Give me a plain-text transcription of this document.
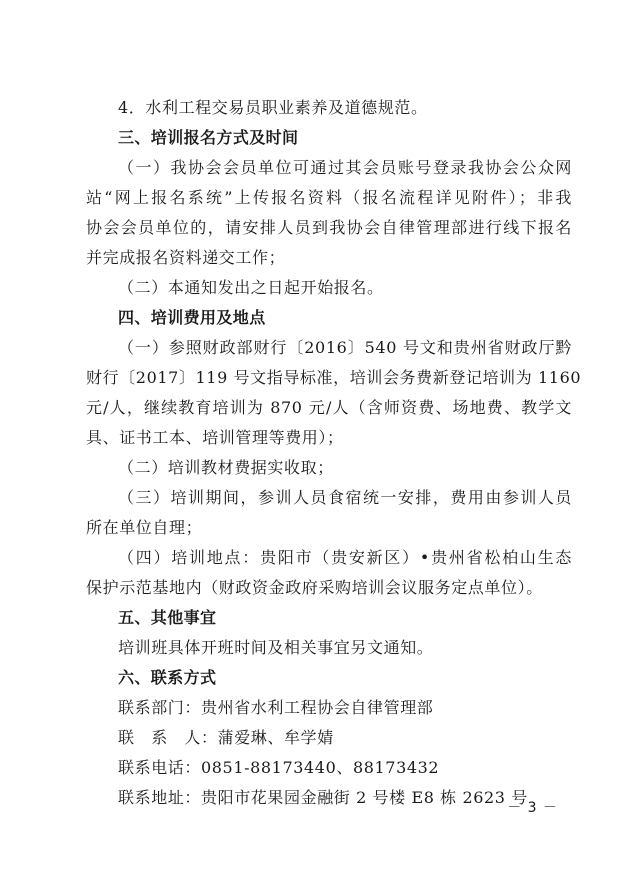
4．水利工程交易员职业素养及道德规范。
三、培训报名方式及时间
（一）我协会会员单位可通过其会员账号登录我协会公众网
站“网上报名系统”上传报名资料（报名流程详见附件）；非我
协会会员单位的，请安排人员到我协会自律管理部进行线下报名
并完成报名资料递交工作；
（二）本通知发出之日起开始报名。
四、培训费用及地点
（一）参照财政部财行〔2016〕540 号文和贵州省财政厅黔
财行〔2017〕119 号文指导标准，培训会务费新登记培训为 1160
元/人，继续教育培训为 870 元/人（含师资费、场地费、教学文
具、证书工本、培训管理等费用）；
（二）培训教材费据实收取；
（三）培训期间，参训人员食宿统一安排，费用由参训人员
所在单位自理；
（四）培训地点：贵阳市（贵安新区）•贵州省松柏山生态
保护示范基地内（财政资金政府采购培训会议服务定点单位）。
五、其他事宜
培训班具体开班时间及相关事宜另文通知。
六、联系方式
联系部门：贵州省水利工程协会自律管理部
联　系　人：蒲爱琳、牟学婧
联系电话：0851-88173440、88173432
联系地址：贵阳市花果园金融街 2 号楼 E8 栋 2623 号
－ 3 －
